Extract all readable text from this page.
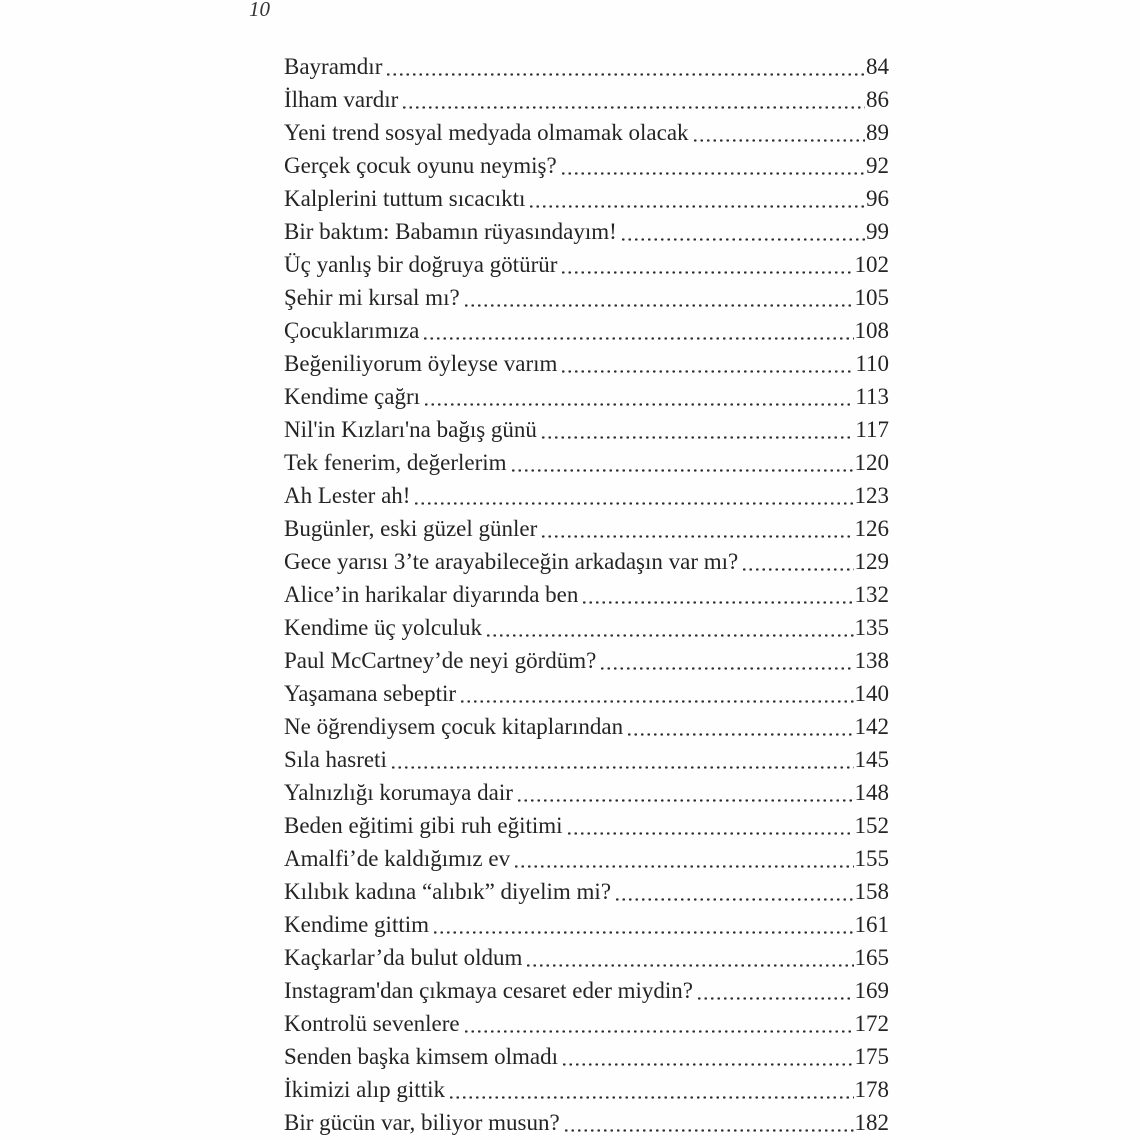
10
Bayramdır	84
İlham vardır	86
Yeni trend sosyal medyada olmamak olacak	89
Gerçek çocuk oyunu neymiş?	92
Kalplerini tuttum sıcacıktı	96
Bir baktım: Babamın rüyasındayım!	99
Üç yanlış bir doğruya götürür	102
Şehir mi kırsal mı?	105
Çocuklarımıza	108
Beğeniliyorum öyleyse varım	110
Kendime çağrı	113
Nil'in Kızları'na bağış günü	117
Tek fenerim, değerlerim	120
Ah Lester ah!	123
Bugünler, eski güzel günler	126
Gece yarısı 3’te arayabileceğin arkadaşın var mı?	129
Alice’in harikalar diyarında ben	132
Kendime üç yolculuk	135
Paul McCartney’de neyi gördüm?	138
Yaşamana sebeptir	140
Ne öğrendiysem çocuk kitaplarından	142
Sıla hasreti	145
Yalnızlığı korumaya dair	148
Beden eğitimi gibi ruh eğitimi	152
Amalfi’de kaldığımız ev	155
Kılıbık kadına “alıbık” diyelim mi?	158
Kendime gittim	161
Kaçkarlar’da bulut oldum	165
Instagram'dan çıkmaya cesaret eder miydin?	169
Kontrolü sevenlere	172
Senden başka kimsem olmadı	175
İkimizi alıp gittik	178
Bir gücün var, biliyor musun?	182
